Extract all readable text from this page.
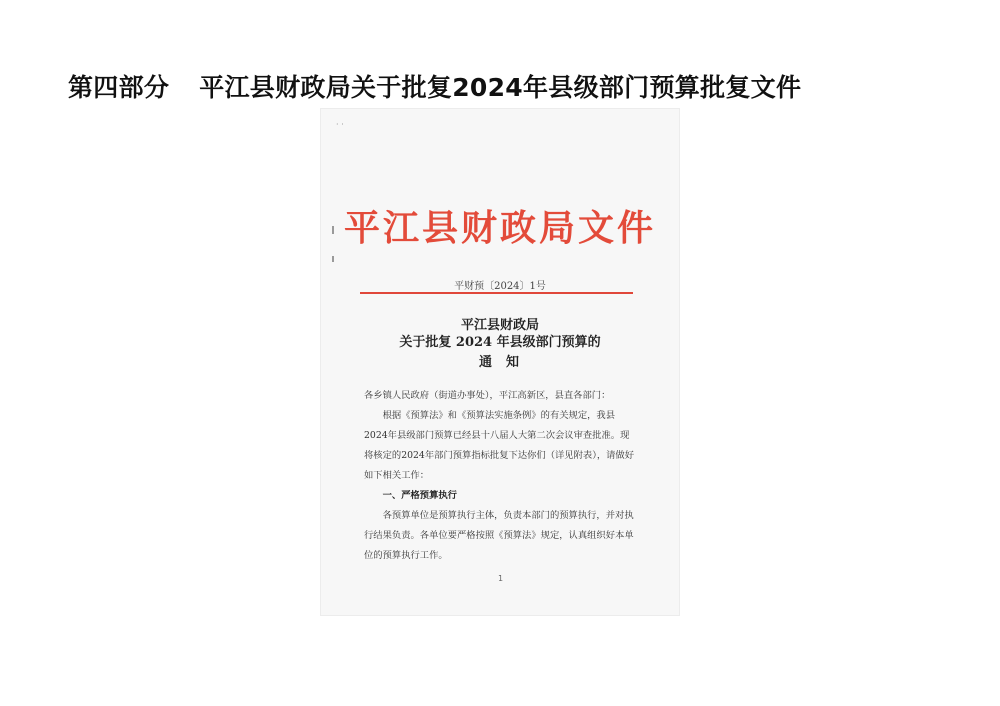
第四部分 平江县财政局关于批复2024年县级部门预算批复文件
· ·
平江县财政局文件
平财预〔2024〕1号
平江县财政局
关于批复 2024 年县级部门预算的
通知

各乡镇人民政府（街道办事处），平江高新区，县直各部门：

根据《预算法》和《预算法实施条例》的有关规定，我县2024年县级部门预算已经县十八届人大第二次会议审查批准。现将核定的2024年部门预算指标批复下达你们（详见附表），请做好如下相关工作：

一、严格预算执行

各预算单位是预算执行主体，负责本部门的预算执行，并对执行结果负责。各单位要严格按照《预算法》规定，认真组织好本单位的预算执行工作。

1
